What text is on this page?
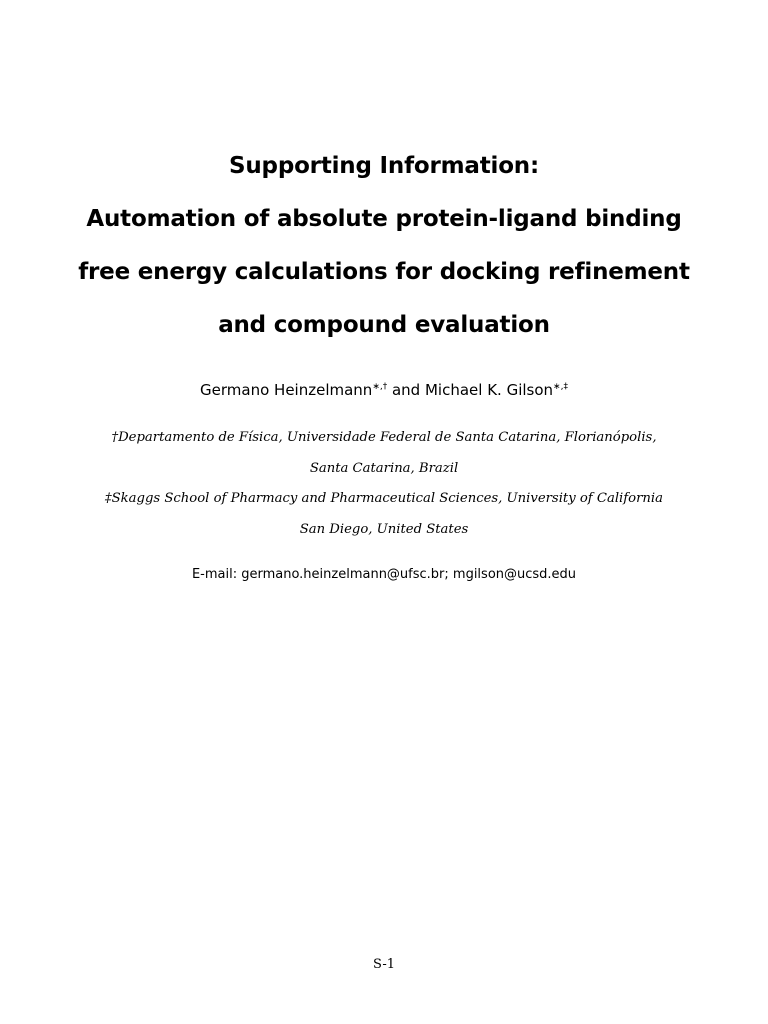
Supporting Information:
Automation of absolute protein-ligand binding
free energy calculations for docking refinement
and compound evaluation
Germano Heinzelmann∗,† and Michael K. Gilson∗,‡
†Departamento de Física, Universidade Federal de Santa Catarina, Florianópolis, Santa Catarina, Brazil
‡Skaggs School of Pharmacy and Pharmaceutical Sciences, University of California San Diego, United States
E-mail: germano.heinzelmann@ufsc.br; mgilson@ucsd.edu
S-1
